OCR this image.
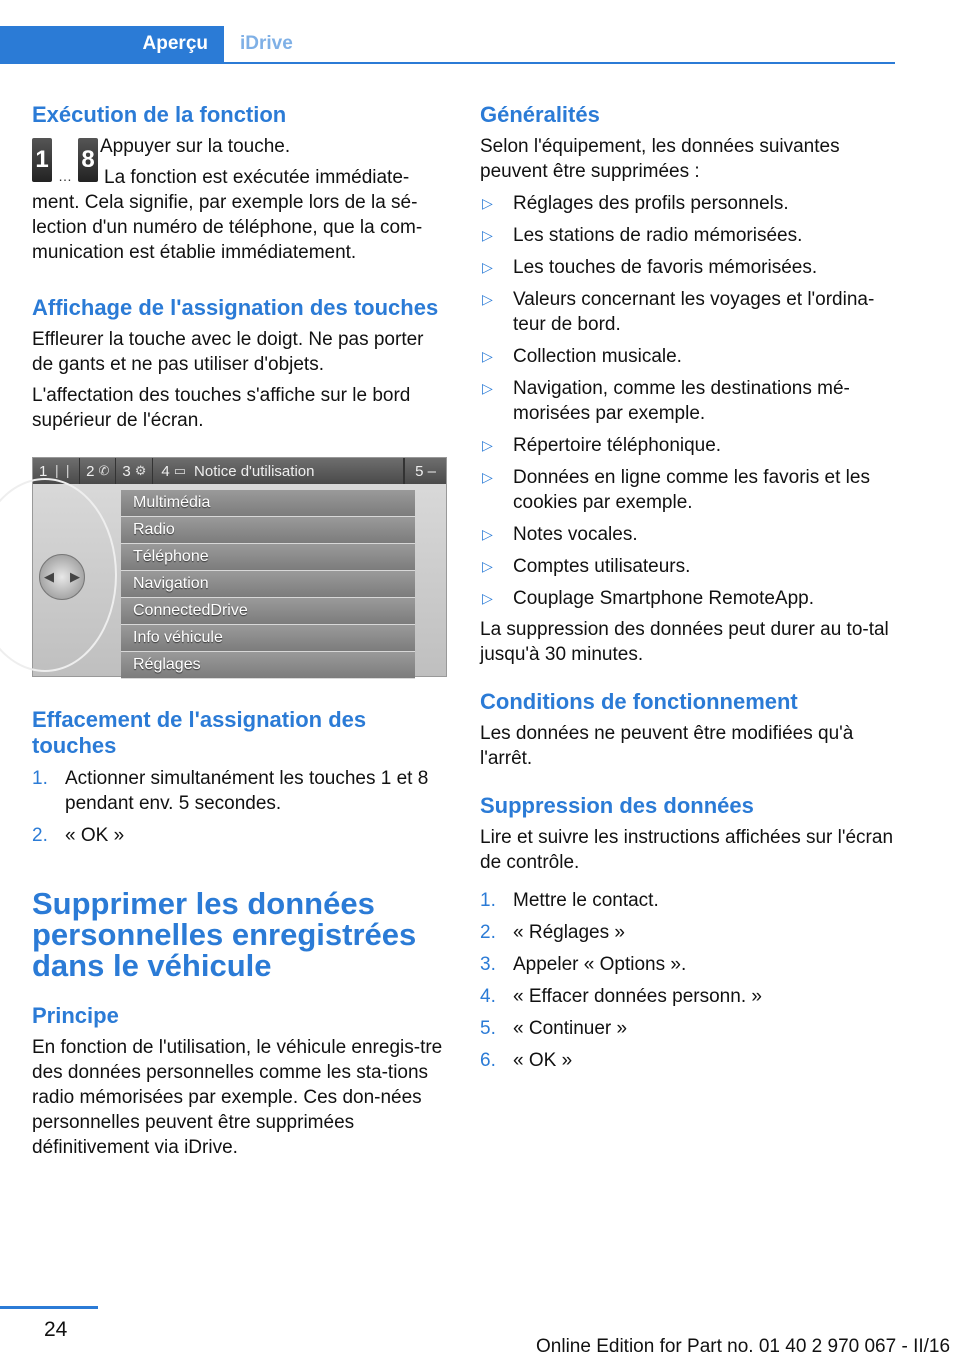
Aperçu	iDrive
Exécution de la fonction
1
…
8 Appuyer sur la touche.

La fonction est exécutée immédiate-ment. Cela signifie, par exemple lors de la sé-lection d'un numéro de téléphone, que la com-munication est établie immédiatement.

Affichage de l'assignation des touches

Effleurer la touche avec le doigt. Ne pas porter de gants et ne pas utiliser d'objets.

L'affectation des touches s'affiche sur le bord supérieur de l'écran.

1 ❘❘ 2 ✆ 3 ⚙ 4 ▭ Notice d'utilisation	5 –
◀ ▶
Multimédia
Radio
Téléphone
Navigation
ConnectedDrive
Info véhicule
Réglages
Effacement de l'assignation des touches
1. Actionner simultanément les touches 1 et 8 pendant env. 5 secondes.
2. « OK »
Supprimer les données personnelles enregistrées dans le véhicule
Principe

En fonction de l'utilisation, le véhicule enregis-tre des données personnelles comme les sta-tions radio mémorisées par exemple. Ces don-nées personnelles peuvent être supprimées définitivement via iDrive.

Généralités

Selon l'équipement, les données suivantes peuvent être supprimées :

▷ Réglages des profils personnels.
▷ Les stations de radio mémorisées.
▷ Les touches de favoris mémorisées.
▷ Valeurs concernant les voyages et l'ordina-teur de bord.
▷ Collection musicale.
▷ Navigation, comme les destinations mé-morisées par exemple.
▷ Répertoire téléphonique.
▷ Données en ligne comme les favoris et les cookies par exemple.
▷ Notes vocales.
▷ Comptes utilisateurs.
▷ Couplage Smartphone RemoteApp.

La suppression des données peut durer au to-tal jusqu'à 30 minutes.

Conditions de fonctionnement

Les données ne peuvent être modifiées qu'à l'arrêt.

Suppression des données

Lire et suivre les instructions affichées sur l'écran de contrôle.

1. Mettre le contact.
2. « Réglages »
3. Appeler « Options ».
4. « Effacer données personn. »
5. « Continuer »
6. « OK »
24
Online Edition for Part no. 01 40 2 970 067 - II/16
